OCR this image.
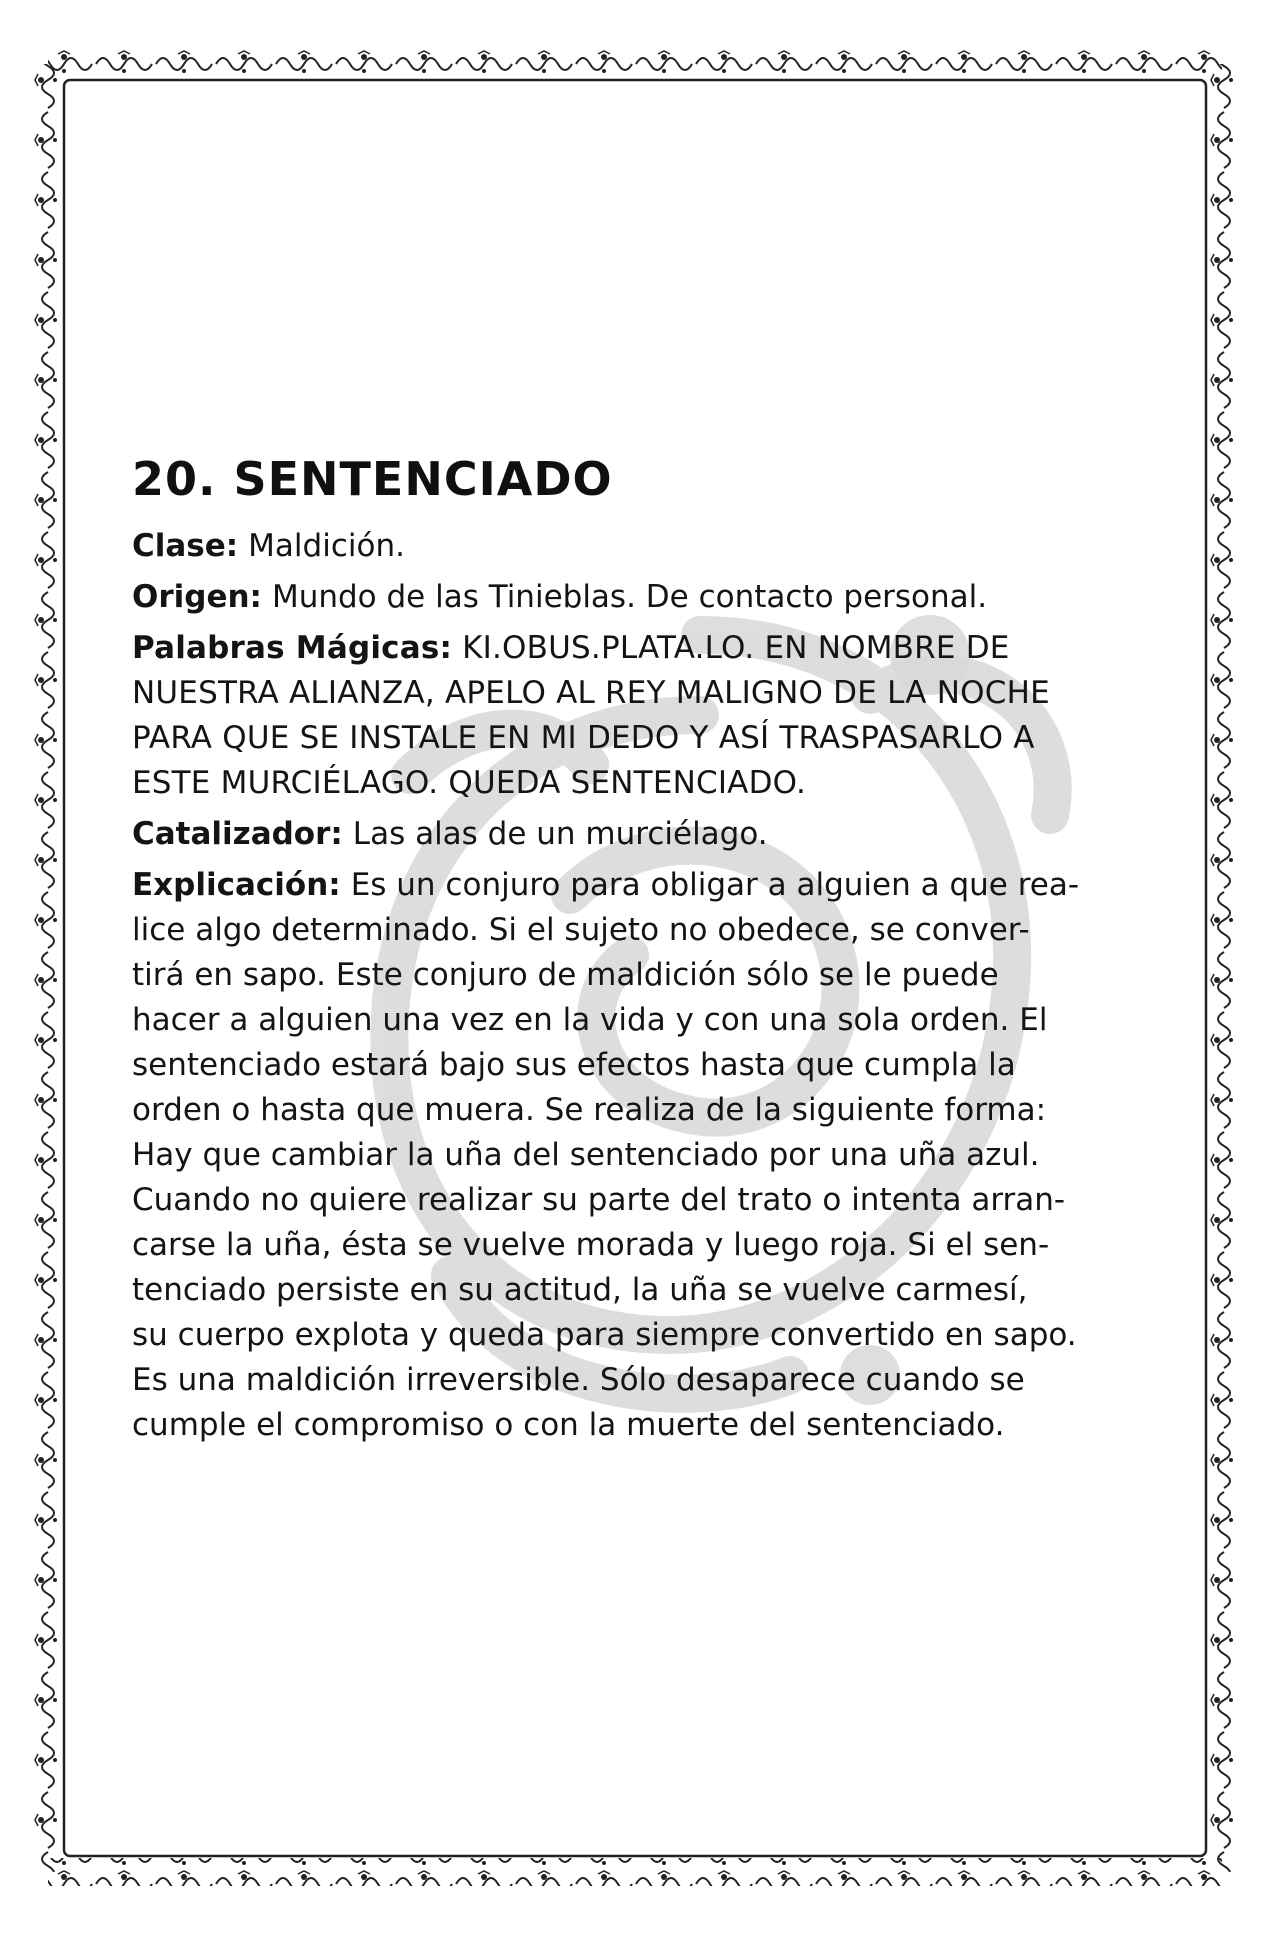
20. SENTENCIADO
Clase: Maldición.
Origen: Mundo de las Tinieblas. De contacto personal.
Palabras Mágicas: KI.OBUS.PLATA.LO. EN NOMBRE DE
NUESTRA ALIANZA, APELO AL REY MALIGNO DE LA NOCHE
PARA QUE SE INSTALE EN MI DEDO Y ASÍ TRASPASARLO A
ESTE MURCIÉLAGO. QUEDA SENTENCIADO.
Catalizador: Las alas de un murciélago.
Explicación: Es un conjuro para obligar a alguien a que rea-
lice algo determinado. Si el sujeto no obedece, se conver-
tirá en sapo. Este conjuro de maldición sólo se le puede
hacer a alguien una vez en la vida y con una sola orden. El
sentenciado estará bajo sus efectos hasta que cumpla la
orden o hasta que muera. Se realiza de la siguiente forma:
Hay que cambiar la uña del sentenciado por una uña azul.
Cuando no quiere realizar su parte del trato o intenta arran-
carse la uña, ésta se vuelve morada y luego roja. Si el sen-
tenciado persiste en su actitud, la uña se vuelve carmesí,
su cuerpo explota y queda para siempre convertido en sapo.
Es una maldición irreversible. Sólo desaparece cuando se
cumple el compromiso o con la muerte del sentenciado.
